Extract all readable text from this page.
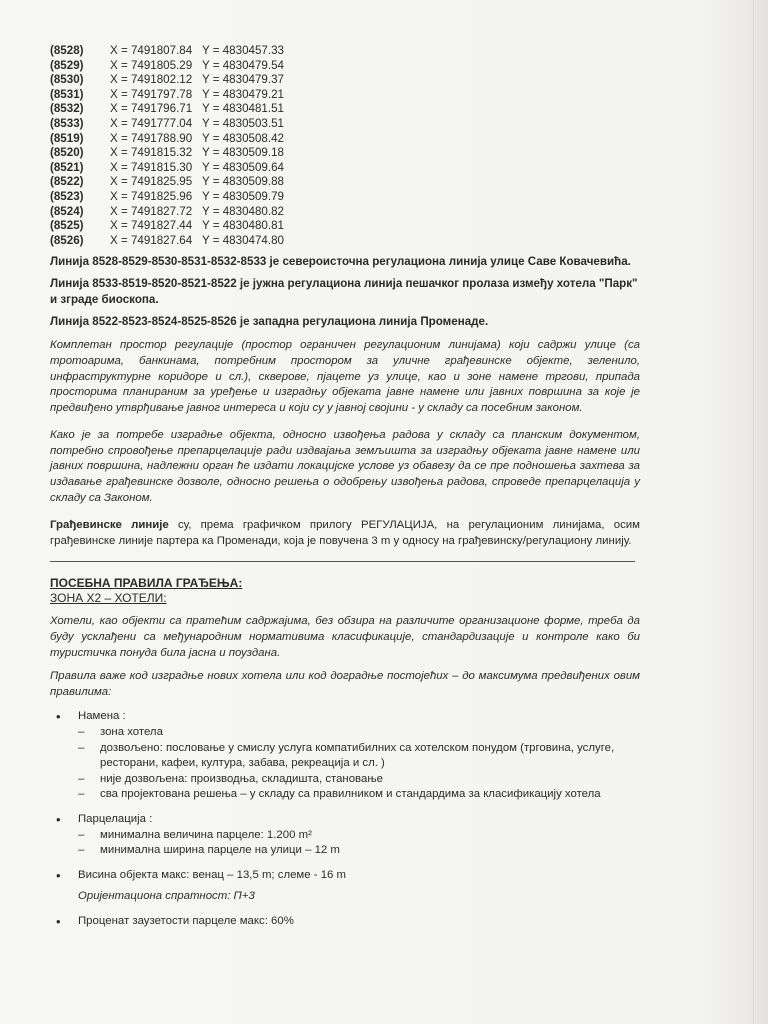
(8528)	X = 7491807.84 Y = 4830457.33
(8529)	X = 7491805.29 Y = 4830479.54
(8530)	X = 7491802.12 Y = 4830479.37
(8531)	X = 7491797.78 Y = 4830479.21
(8532)	X = 7491796.71 Y = 4830481.51
(8533)	X = 7491777.04 Y = 4830503.51
(8519)	X = 7491788.90 Y = 4830508.42
(8520)	X = 7491815.32 Y = 4830509.18
(8521)	X = 7491815.30 Y = 4830509.64
(8522)	X = 7491825.95 Y = 4830509.88
(8523)	X = 7491825.96 Y = 4830509.79
(8524)	X = 7491827.72 Y = 4830480.82
(8525)	X = 7491827.44 Y = 4830480.81
(8526)	X = 7491827.64 Y = 4830474.80

Линија 8528-8529-8530-8531-8532-8533 је североисточна регулациона линија улице Саве Ковачевића.

Линија 8533-8519-8520-8521-8522 је јужна регулациона линија пешачког пролаза између хотела "Парк" и зграде биоскопа.

Линија 8522-8523-8524-8525-8526 је западна регулациона линија Променаде.

Комплетан простор регулације (простор ограничен регулационим линијама) који садржи улице (са тротоарима, банкинама, потребним простором за уличне грађевинске објекте, зеленило, инфраструктурне коридоре и сл.), скверове, пјацете уз улице, као и зоне намене тргови, припада просторима планираним за уређење и изградњу објеката јавне намене или јавних површина за које је предвиђено утврђивање јавног интереса и који су у јавној својини - у складу са посебним законом.

Како је за потребе изградње објекта, односно извођења радова у складу са планским документом, потребно спровођење препарцелације ради издвајања земљишта за изградњу објеката јавне намене или јавних површина, надлежни орган ће издати локацијске услове уз обавезу да се пре подношења захтева за издавање грађевинске дозволе, односно решења о одобрењу извођења радова, спроведе препарцелација у складу са Законом.

Грађевинске линије су, према графичком прилогу РЕГУЛАЦИЈА, на регулационим линијама, осим грађевинске линије партера ка Променади, која је повучена 3 m у односу на грађевинску/регулациону линију.

ПОСЕБНА ПРАВИЛА ГРАЂЕЊА:
ЗОНА Х2 – ХОТЕЛИ:

Хотели, као објекти са пратећим садржајима, без обзира на различите организационе форме, треба да буду усклађени са међународним нормативима класификације, стандардизације и контроле како би туристичка понуда била јасна и поуздана.

Правила важе код изградње нових хотела или код доградње постојећих – до максимума предвиђених овим правилима:

• Намена :
– зона хотела
– дозвољено: пословање у смислу услуга компатибилних са хотелском понудом (трговина, услуге, ресторани, кафеи, култура, забава, рекреација и сл. )
– није дозвољена: производња, складишта, становање
– сва пројектована решења – у складу са правилником и стандардима за класификацију хотела
• Парцелација :
– минимална величина парцеле: 1.200 m²
– минимална ширина парцеле на улици – 12 m
• Висина објекта макс: венац – 13,5 m; слеме - 16 m
Оријентациона спратност: П+3
• Проценат заузетости парцеле макс: 60%
